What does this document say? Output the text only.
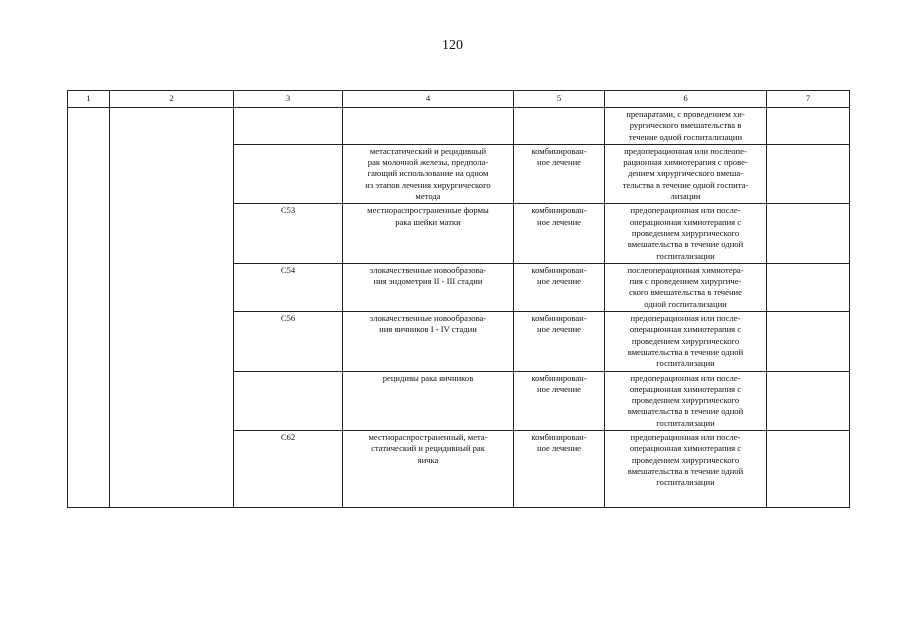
120
1	2	3	4	5	6	7

					препаратами, с проведением хи-
рургического вмешательства в
течение одной госпитализации	

			метастатический и рецидивный
рак молочной железы, предпола-
гающий использование на одном
из этапов лечения хирургического
метода	комбинирован-
ное лечение	предоперационная или послеопе-
рационная химиотерапия с прове-
дением хирургического вмеша-
тельства в течение одной госпита-
лизации	

		C53	местнораспространенные формы
рака шейки матки	комбинирован-
ное лечение	предоперационная или после-
операционная химиотерапия с
проведением хирургического
вмешательства в течение одной
госпитализации	

		C54	злокачественные новообразова-
ния эндометрия II - III стадии	комбинирован-
ное лечение	послеоперационная химиотера-
пия с проведением хирургиче-
ского вмешательства в течение
одной госпитализации	

		C56	злокачественные новообразова-
ния яичников I - IV стадии	комбинирован-
ное лечение	предоперационная или после-
операционная химиотерапия с
проведением хирургического
вмешательства в течение одной
госпитализации	

			рецидивы рака яичников	комбинирован-
ное лечение	предоперационная или после-
операционная химиотерапия с
проведением хирургического
вмешательства в течение одной
госпитализации	

		C62	местнораспространенный, мета-
статический и рецидивный рак
яичка	комбинирован-
ное лечение	предоперационная или после-
операционная химиотерапия с
проведением хирургического
вмешательства в течение одной
госпитализации	
